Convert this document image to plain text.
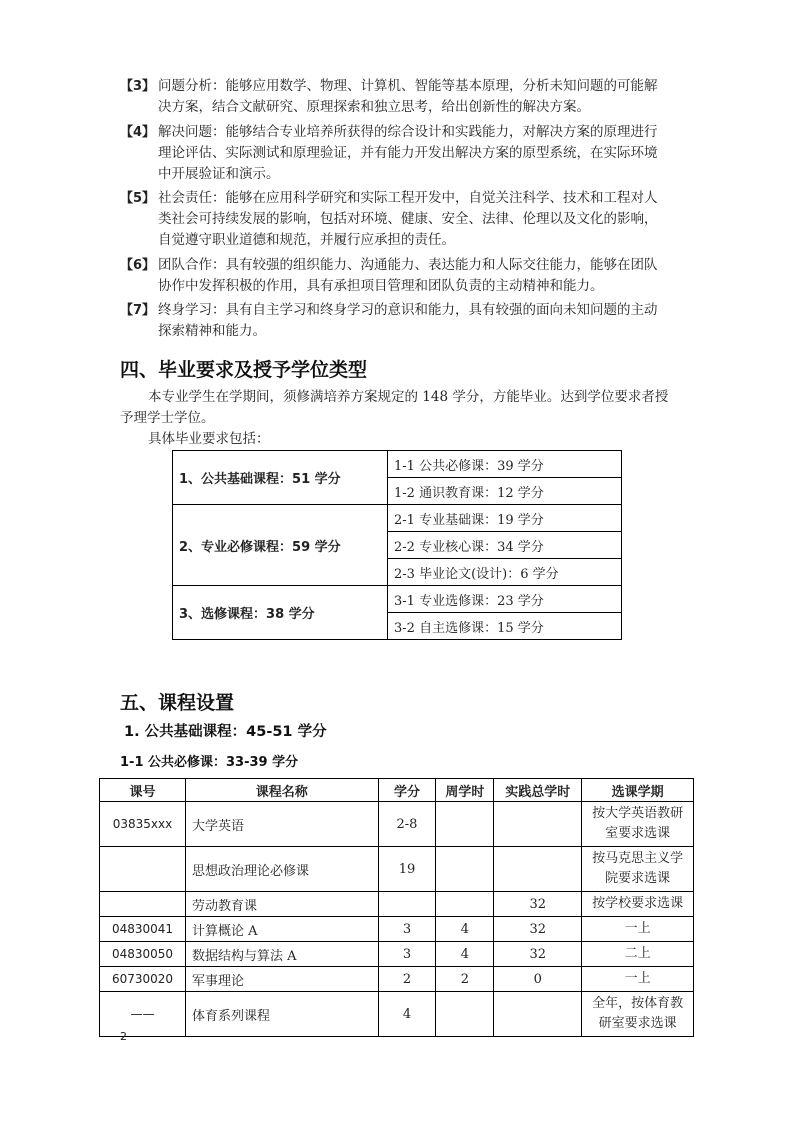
【3】 问题分析：能够应用数学、物理、计算机、智能等基本原理，分析未知问题的可能解
决方案，结合文献研究、原理探索和独立思考，给出创新性的解决方案。
【4】 解决问题：能够结合专业培养所获得的综合设计和实践能力，对解决方案的原理进行
理论评估、实际测试和原理验证，并有能力开发出解决方案的原型系统，在实际环境
中开展验证和演示。
【5】 社会责任：能够在应用科学研究和实际工程开发中，自觉关注科学、技术和工程对人
类社会可持续发展的影响，包括对环境、健康、安全、法律、伦理以及文化的影响，
自觉遵守职业道德和规范，并履行应承担的责任。
【6】 团队合作：具有较强的组织能力、沟通能力、表达能力和人际交往能力，能够在团队
协作中发挥积极的作用，具有承担项目管理和团队负责的主动精神和能力。
【7】 终身学习：具有自主学习和终身学习的意识和能力，具有较强的面向未知问题的主动
探索精神和能力。
四、毕业要求及授予学位类型
本专业学生在学期间，须修满培养方案规定的 148 学分，方能毕业。达到学位要求者授
予理学士学位。
具体毕业要求包括：
1、公共基础课程：51 学分	1-1 公共必修课：39 学分
	1-2 通识教育课：12 学分
2、专业必修课程：59 学分	2-1 专业基础课：19 学分
	2-2 专业核心课：34 学分
	2-3 毕业论文(设计)：6 学分
3、选修课程：38 学分	3-1 专业选修课：23 学分
	3-2 自主选修课：15 学分
五、课程设置
1. 公共基础课程：45-51 学分
1-1 公共必修课：33-39 学分
课号	课程名称	学分	周学时	实践总学时	选课学期
03835xxx	大学英语	2-8			按大学英语教研
室要求选课

	思想政治理论必修课	19			按马克思主义学
院要求选课

	劳动教育课			32	按学校要求选课
04830041	计算概论 A	3	4	32	一上
04830050	数据结构与算法 A	3	4	32	二上
60730020	军事理论	2	2	0	一上
——	体育系列课程	4			全年，按体育教
研室要求选课
2
